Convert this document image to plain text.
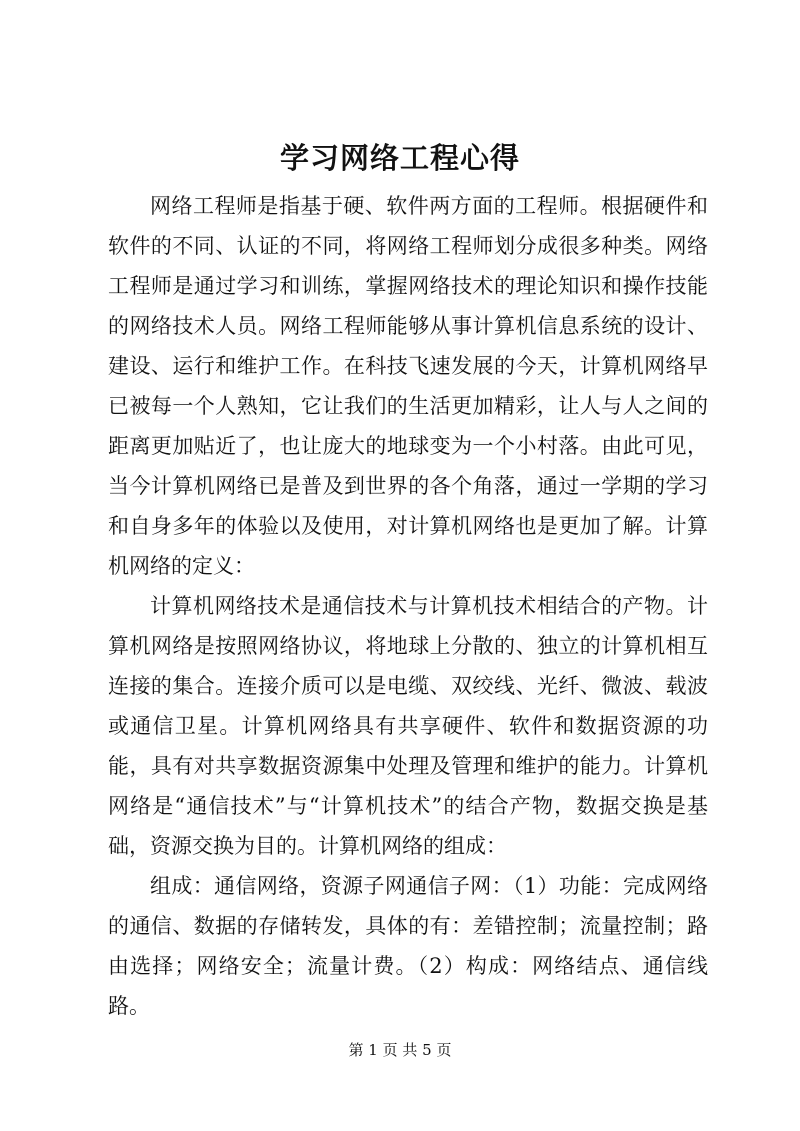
学习网络工程心得

网络工程师是指基于硬、软件两方面的工程师。根据硬件和软件的不同、认证的不同，将网络工程师划分成很多种类。网络工程师是通过学习和训练，掌握网络技术的理论知识和操作技能的网络技术人员。网络工程师能够从事计算机信息系统的设计、建设、运行和维护工作。在科技飞速发展的今天，计算机网络早已被每一个人熟知，它让我们的生活更加精彩，让人与人之间的距离更加贴近了，也让庞大的地球变为一个小村落。由此可见，当今计算机网络已是普及到世界的各个角落，通过一学期的学习和自身多年的体验以及使用，对计算机网络也是更加了解。计算机网络的定义：

计算机网络技术是通信技术与计算机技术相结合的产物。计算机网络是按照网络协议，将地球上分散的、独立的计算机相互连接的集合。连接介质可以是电缆、双绞线、光纤、微波、载波或通信卫星。计算机网络具有共享硬件、软件和数据资源的功能，具有对共享数据资源集中处理及管理和维护的能力。计算机网络是“通信技术”与“计算机技术”的结合产物，数据交换是基础，资源交换为目的。计算机网络的组成：

组成：通信网络，资源子网通信子网：（1）功能：完成网络的通信、数据的存储转发，具体的有：差错控制；流量控制；路由选择；网络安全；流量计费。（2）构成：网络结点、通信线路。

第 1 页 共 5 页
